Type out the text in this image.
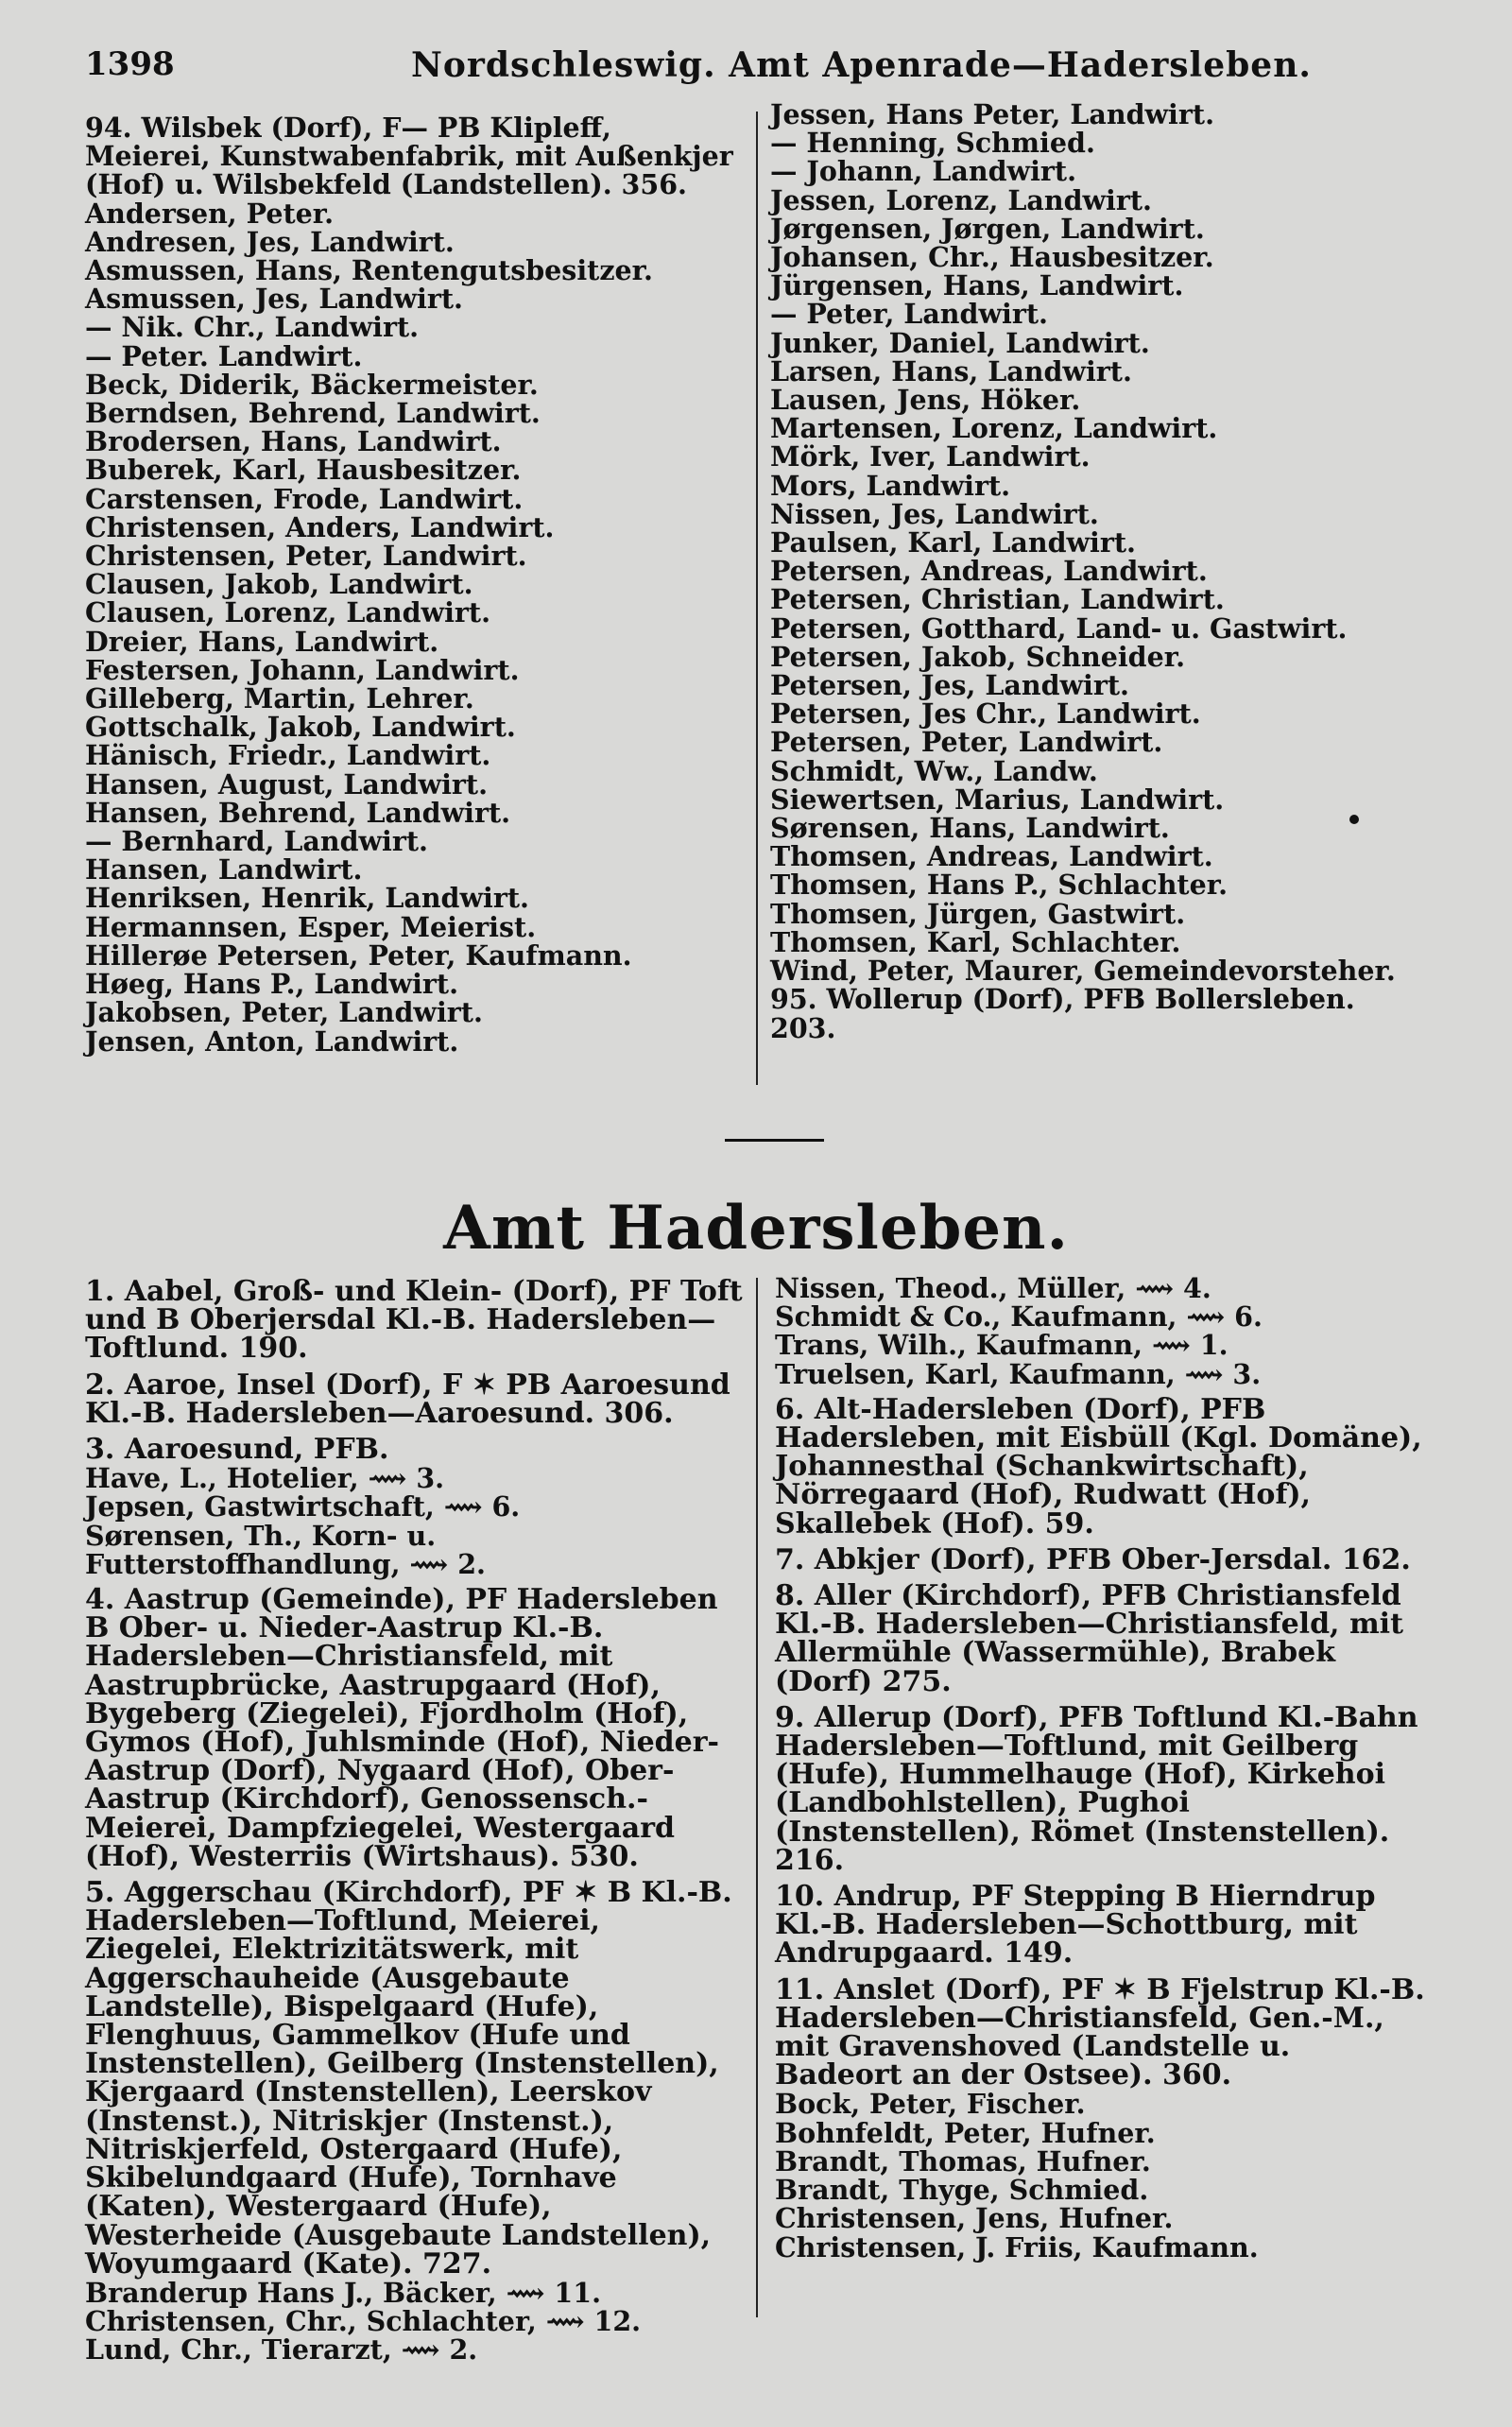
1398	Nordschleswig. Amt Apenrade—Hadersleben.

94. Wilsbek (Dorf), F— PB Klipleff,

Meierei, Kunstwabenfabrik, mit Außenkjer

(Hof) u. Wilsbekfeld (Landstellen). 356.

Andersen, Peter.

Andresen, Jes, Landwirt.

Asmussen, Hans, Rentengutsbesitzer.

Asmussen, Jes, Landwirt.

— Nik. Chr., Landwirt.

— Peter. Landwirt.

Beck, Diderik, Bäckermeister.

Berndsen, Behrend, Landwirt.

Brodersen, Hans, Landwirt.

Buberek, Karl, Hausbesitzer.

Carstensen, Frode, Landwirt.

Christensen, Anders, Landwirt.

Christensen, Peter, Landwirt.

Clausen, Jakob, Landwirt.

Clausen, Lorenz, Landwirt.

Dreier, Hans, Landwirt.

Festersen, Johann, Landwirt.

Gilleberg, Martin, Lehrer.

Gottschalk, Jakob, Landwirt.

Hänisch, Friedr., Landwirt.

Hansen, August, Landwirt.

Hansen, Behrend, Landwirt.

— Bernhard, Landwirt.

Hansen, Landwirt.

Henriksen, Henrik, Landwirt.

Hermannsen, Esper, Meierist.

Hillerøe Petersen, Peter, Kaufmann.

Høeg, Hans P., Landwirt.

Jakobsen, Peter, Landwirt.

Jensen, Anton, Landwirt.

Jessen, Hans Peter, Landwirt.

— Henning, Schmied.

— Johann, Landwirt.

Jessen, Lorenz, Landwirt.

Jørgensen, Jørgen, Landwirt.

Johansen, Chr., Hausbesitzer.

Jürgensen, Hans, Landwirt.

— Peter, Landwirt.

Junker, Daniel, Landwirt.

Larsen, Hans, Landwirt.

Lausen, Jens, Höker.

Martensen, Lorenz, Landwirt.

Mörk, Iver, Landwirt.

Mors, Landwirt.

Nissen, Jes, Landwirt.

Paulsen, Karl, Landwirt.

Petersen, Andreas, Landwirt.

Petersen, Christian, Landwirt.

Petersen, Gotthard, Land- u. Gastwirt.

Petersen, Jakob, Schneider.

Petersen, Jes, Landwirt.

Petersen, Jes Chr., Landwirt.

Petersen, Peter, Landwirt.

Schmidt, Ww., Landw.

Siewertsen, Marius, Landwirt.

Sørensen, Hans, Landwirt.

Thomsen, Andreas, Landwirt.

Thomsen, Hans P., Schlachter.

Thomsen, Jürgen, Gastwirt.

Thomsen, Karl, Schlachter.

Wind, Peter, Maurer, Gemeindevorsteher.

95. Wollerup (Dorf), PFB Bollersleben.

203.

Amt Hadersleben.

1. Aabel, Groß- und Klein- (Dorf), PF Toft und B Oberjersdal Kl.-B. Hadersleben—Toftlund. 190.

2. Aaroe, Insel (Dorf), F ✶ PB Aaroesund Kl.-B. Hadersleben—Aaroesund. 306.

3. Aaroesund, PFB.

Have, L., Hotelier, ⟿ 3.

Jepsen, Gastwirtschaft, ⟿ 6.

Sørensen, Th., Korn- u. Futterstoffhandlung, ⟿ 2.

4. Aastrup (Gemeinde), PF Hadersleben B Ober- u. Nieder-Aastrup Kl.-B. Hadersleben—Christiansfeld, mit Aastrupbrücke, Aastrupgaard (Hof), Bygeberg (Ziegelei), Fjordholm (Hof), Gymos (Hof), Juhlsminde (Hof), Nieder-Aastrup (Dorf), Nygaard (Hof), Ober-Aastrup (Kirchdorf), Genossensch.-Meierei, Dampfziegelei, Westergaard (Hof), Westerriis (Wirtshaus). 530.

5. Aggerschau (Kirchdorf), PF ✶ B Kl.-B. Hadersleben—Toftlund, Meierei, Ziegelei, Elektrizitätswerk, mit Aggerschauheide (Ausgebaute Landstelle), Bispelgaard (Hufe), Flenghuus, Gammelkov (Hufe und Instenstellen), Geilberg (Instenstellen), Kjergaard (Instenstellen), Leerskov (Instenst.), Nitriskjer (Instenst.), Nitriskjerfeld, Ostergaard (Hufe), Skibelundgaard (Hufe), Tornhave (Katen), Westergaard (Hufe), Westerheide (Ausgebaute Landstellen), Woyumgaard (Kate). 727.

Branderup Hans J., Bäcker, ⟿ 11.

Christensen, Chr., Schlachter, ⟿ 12.

Lund, Chr., Tierarzt, ⟿ 2.

Nissen, Theod., Müller, ⟿ 4.

Schmidt & Co., Kaufmann, ⟿ 6.

Trans, Wilh., Kaufmann, ⟿ 1.

Truelsen, Karl, Kaufmann, ⟿ 3.

6. Alt-Hadersleben (Dorf), PFB Hadersleben, mit Eisbüll (Kgl. Domäne), Johannesthal (Schankwirtschaft), Nörregaard (Hof), Rudwatt (Hof), Skallebek (Hof). 59.

7. Abkjer (Dorf), PFB Ober-Jersdal. 162.

8. Aller (Kirchdorf), PFB Christiansfeld Kl.-B. Hadersleben—Christiansfeld, mit Allermühle (Wassermühle), Brabek (Dorf) 275.

9. Allerup (Dorf), PFB Toftlund Kl.-Bahn Hadersleben—Toftlund, mit Geilberg (Hufe), Hummelhauge (Hof), Kirkehoi (Landbohlstellen), Pughoi (Instenstellen), Römet (Instenstellen). 216.

10. Andrup, PF Stepping B Hierndrup Kl.-B. Hadersleben—Schottburg, mit Andrupgaard. 149.

11. Anslet (Dorf), PF ✶ B Fjelstrup Kl.-B. Hadersleben—Christiansfeld, Gen.-M., mit Gravenshoved (Landstelle u. Badeort an der Ostsee). 360.

Bock, Peter, Fischer.

Bohnfeldt, Peter, Hufner.

Brandt, Thomas, Hufner.

Brandt, Thyge, Schmied.

Christensen, Jens, Hufner.

Christensen, J. Friis, Kaufmann.
